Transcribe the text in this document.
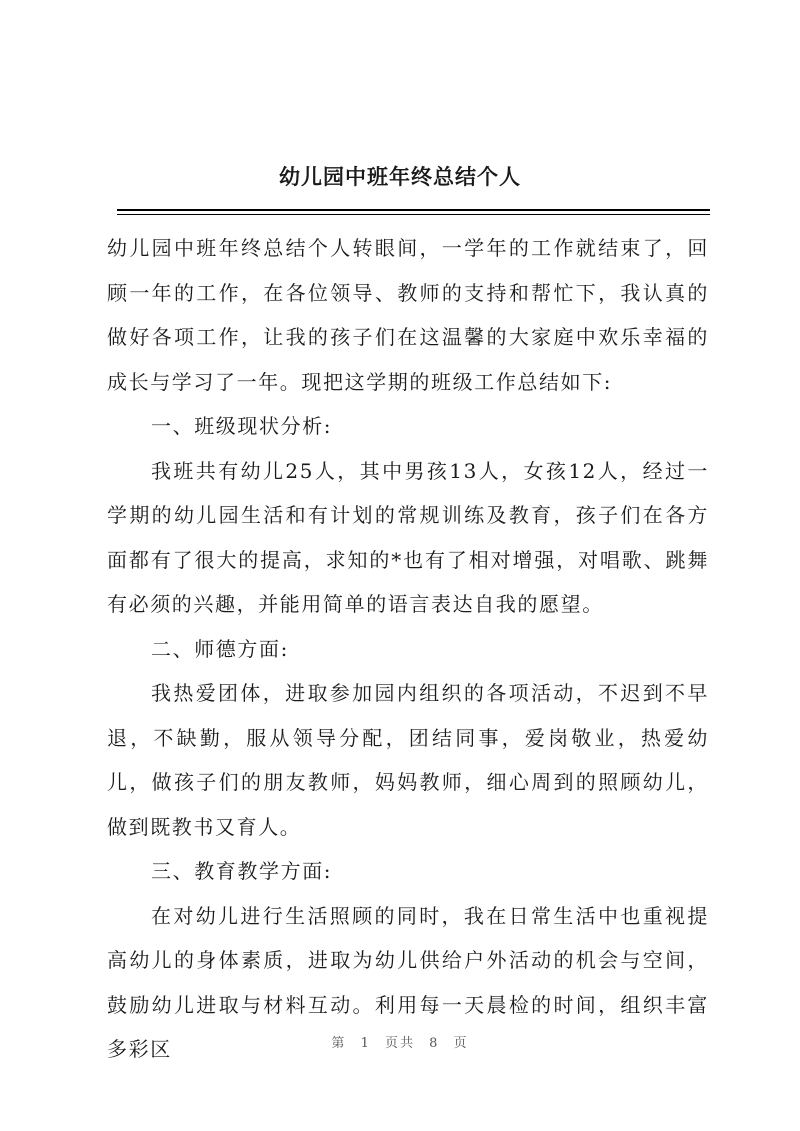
幼儿园中班年终总结个人

幼儿园中班年终总结个人转眼间，一学年的工作就结束了，回顾一年的工作，在各位领导、教师的支持和帮忙下，我认真的做好各项工作，让我的孩子们在这温馨的大家庭中欢乐幸福的成长与学习了一年。现把这学期的班级工作总结如下:

一、班级现状分析:

我班共有幼儿25人，其中男孩13人，女孩12人，经过一学期的幼儿园生活和有计划的常规训练及教育，孩子们在各方面都有了很大的提高，求知的*也有了相对增强，对唱歌、跳舞有必须的兴趣，并能用简单的语言表达自我的愿望。

二、师德方面:

我热爱团体，进取参加园内组织的各项活动，不迟到不早退，不缺勤，服从领导分配，团结同事，爱岗敬业，热爱幼儿，做孩子们的朋友教师，妈妈教师，细心周到的照顾幼儿，做到既教书又育人。

三、教育教学方面:

在对幼儿进行生活照顾的同时，我在日常生活中也重视提高幼儿的身体素质，进取为幼儿供给户外活动的机会与空间，鼓励幼儿进取与材料互动。利用每一天晨检的时间，组织丰富多彩区	第 1 页共 8 页
